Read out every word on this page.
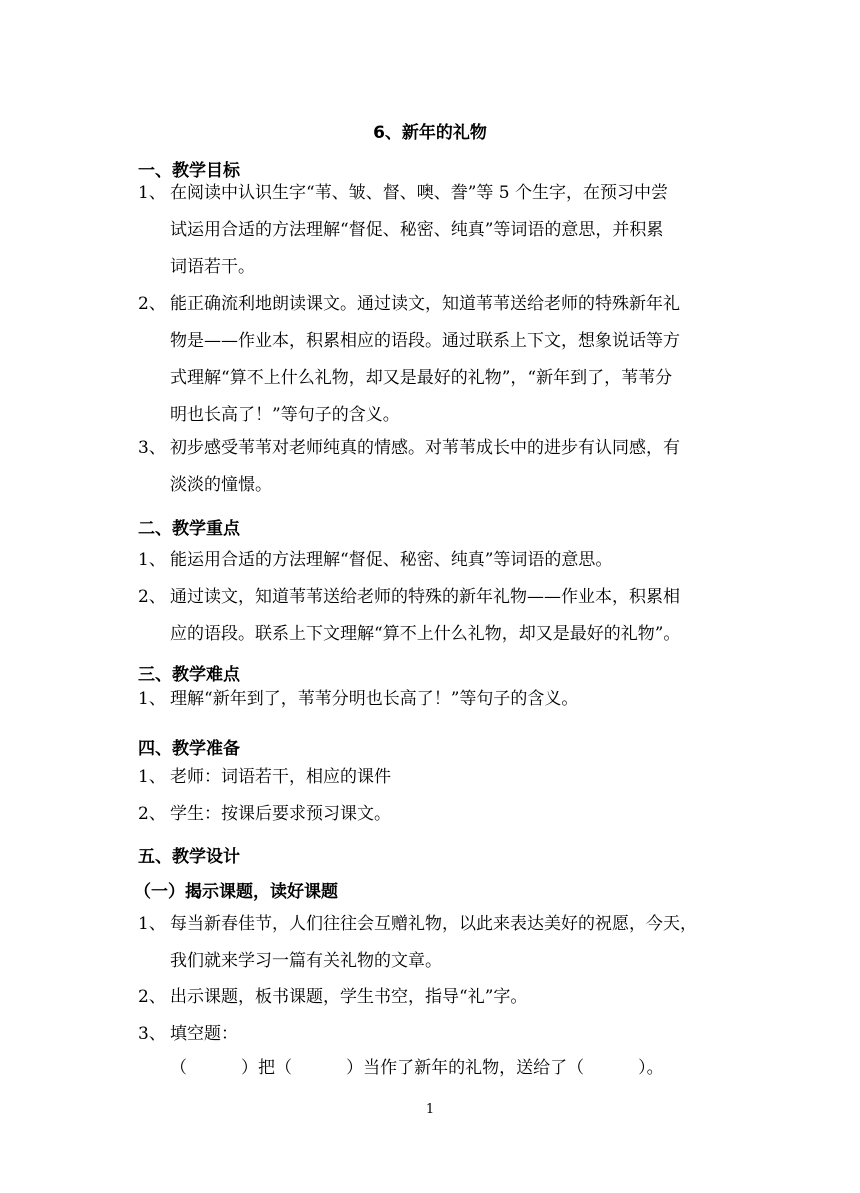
6、新年的礼物
一、教学目标
1、 在阅读中认识生字“苇、皱、督、噢、誊”等 5 个生字，在预习中尝
试运用合适的方法理解“督促、秘密、纯真”等词语的意思，并积累
词语若干。
2、 能正确流利地朗读课文。通过读文，知道苇苇送给老师的特殊新年礼
物是——作业本，积累相应的语段。通过联系上下文，想象说话等方
式理解“算不上什么礼物，却又是最好的礼物”，“新年到了，苇苇分
明也长高了！”等句子的含义。
3、 初步感受苇苇对老师纯真的情感。对苇苇成长中的进步有认同感，有
淡淡的憧憬。
二、教学重点
1、 能运用合适的方法理解“督促、秘密、纯真”等词语的意思。
2、 通过读文，知道苇苇送给老师的特殊的新年礼物——作业本，积累相
应的语段。联系上下文理解“算不上什么礼物，却又是最好的礼物”。
三、教学难点
1、 理解“新年到了，苇苇分明也长高了！”等句子的含义。
四、教学准备
1、 老师：词语若干，相应的课件
2、 学生：按课后要求预习课文。
五、教学设计
（一）揭示课题，读好课题
1、 每当新春佳节，人们往往会互赠礼物，以此来表达美好的祝愿，今天，
我们就来学习一篇有关礼物的文章。
2、 出示课题，板书课题，学生书空，指导“礼”字。
3、 填空题：
（          ）把（          ）当作了新年的礼物，送给了（          ）。
1
